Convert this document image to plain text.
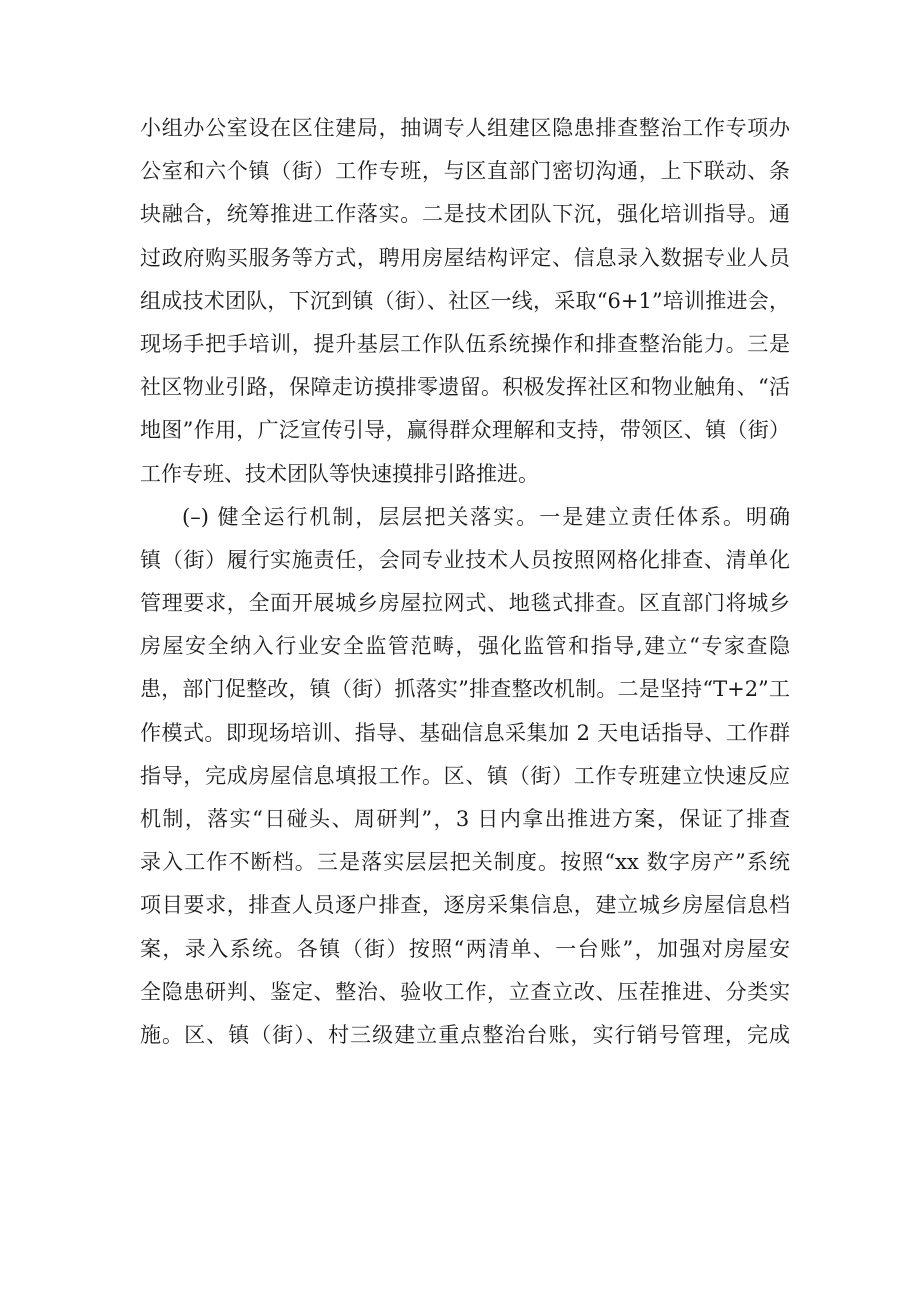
小组办公室设在区住建局，抽调专人组建区隐患排查整治工作专项办
公室和六个镇（街）工作专班，与区直部门密切沟通，上下联动、条
块融合，统筹推进工作落实。二是技术团队下沉，强化培训指导。通
过政府购买服务等方式，聘用房屋结构评定、信息录入数据专业人员
组成技术团队，下沉到镇（街）、社区一线，采取“6+1”培训推进会，
现场手把手培训，提升基层工作队伍系统操作和排查整治能力。三是
社区物业引路，保障走访摸排零遗留。积极发挥社区和物业触角、“活
地图”作用，广泛宣传引导，赢得群众理解和支持，带领区、镇（街）
工作专班、技术团队等快速摸排引路推进。
(–) 健全运行机制，层层把关落实。一是建立责任体系。明确
镇（街）履行实施责任，会同专业技术人员按照网格化排查、清单化
管理要求，全面开展城乡房屋拉网式、地毯式排查。区直部门将城乡
房屋安全纳入行业安全监管范畴，强化监管和指导,建立“专家查隐
患，部门促整改，镇（街）抓落实”排查整改机制。二是坚持“T+2”工
作模式。即现场培训、指导、基础信息采集加 2 天电话指导、工作群
指导，完成房屋信息填报工作。区、镇（街）工作专班建立快速反应
机制，落实“日碰头、周研判”，3 日内拿出推进方案，保证了排查
录入工作不断档。三是落实层层把关制度。按照“xx 数字房产”系统
项目要求，排查人员逐户排查，逐房采集信息，建立城乡房屋信息档
案，录入系统。各镇（街）按照“两清单、一台账”，加强对房屋安
全隐患研判、鉴定、整治、验收工作，立查立改、压茬推进、分类实
施。区、镇（街）、村三级建立重点整治台账，实行销号管理，完成
